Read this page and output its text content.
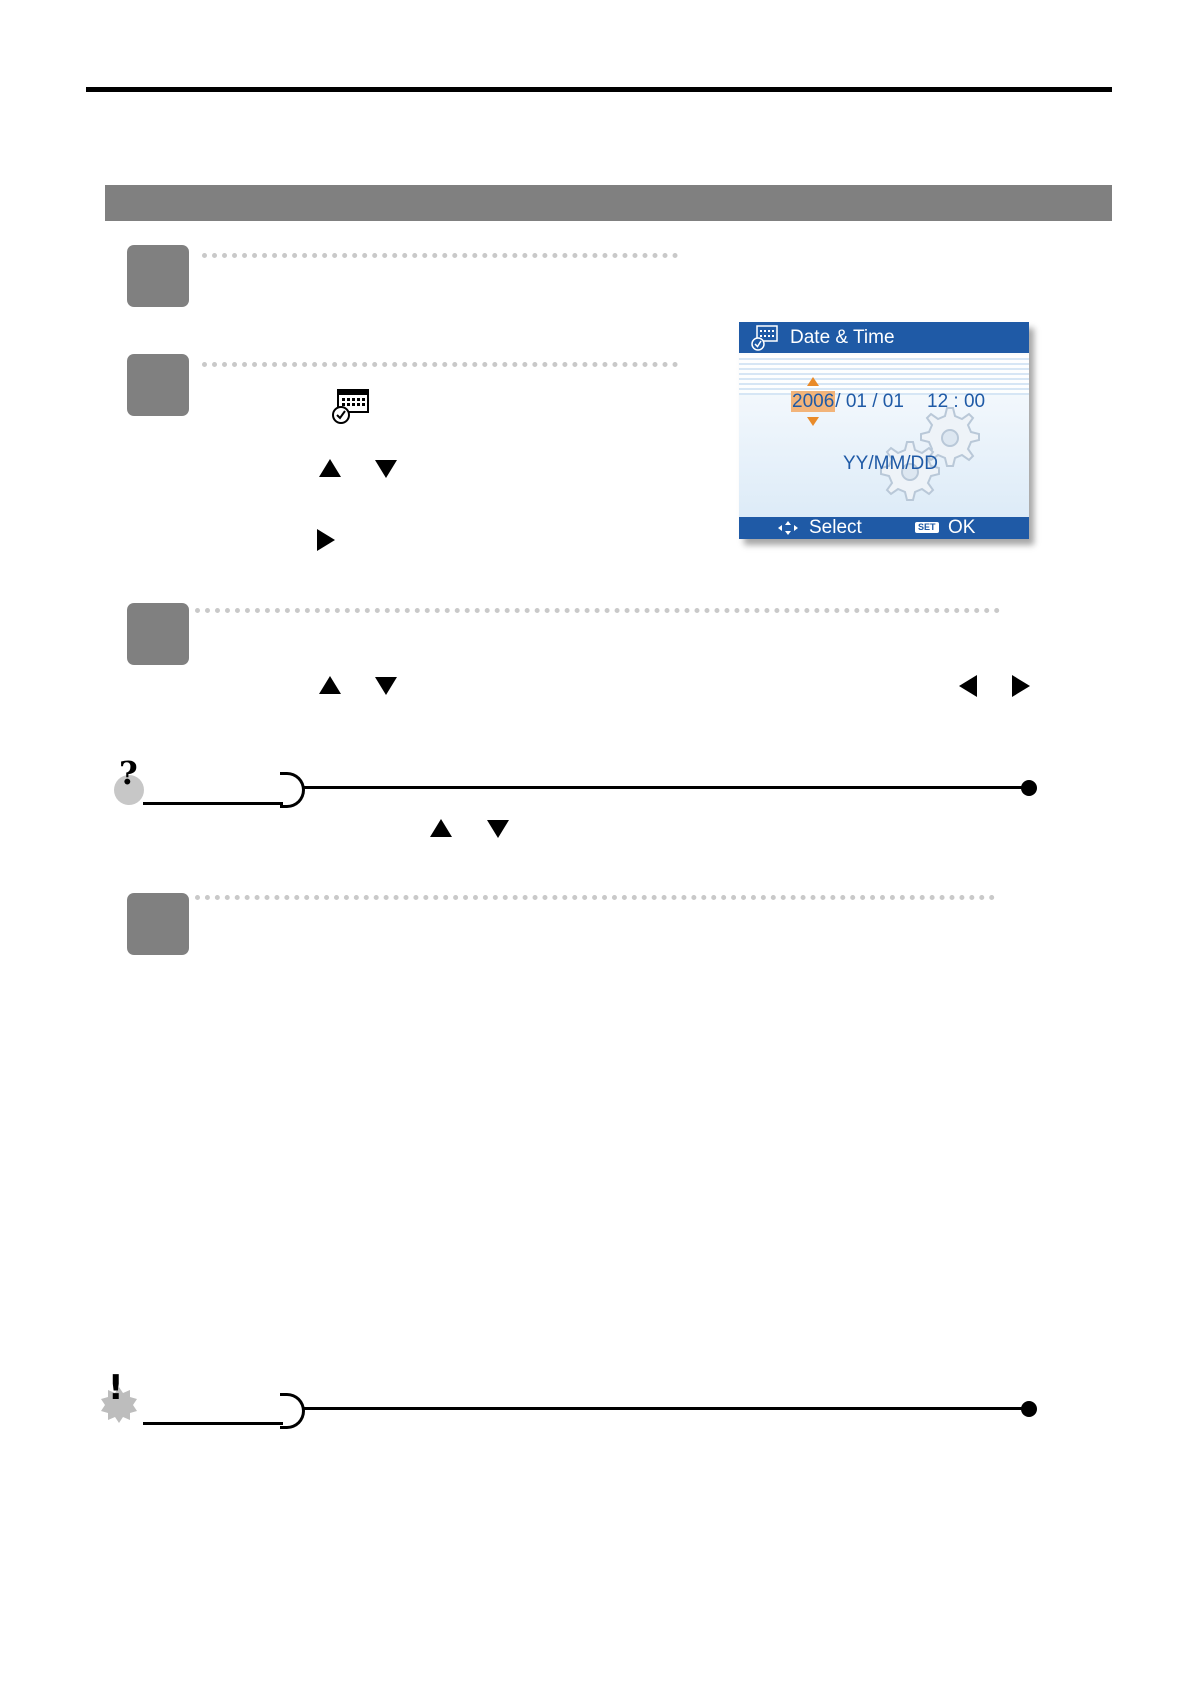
Date & Time
2006/ 01 / 01 12 : 00
YY/MM/DD
Select	SET OK
?
!
